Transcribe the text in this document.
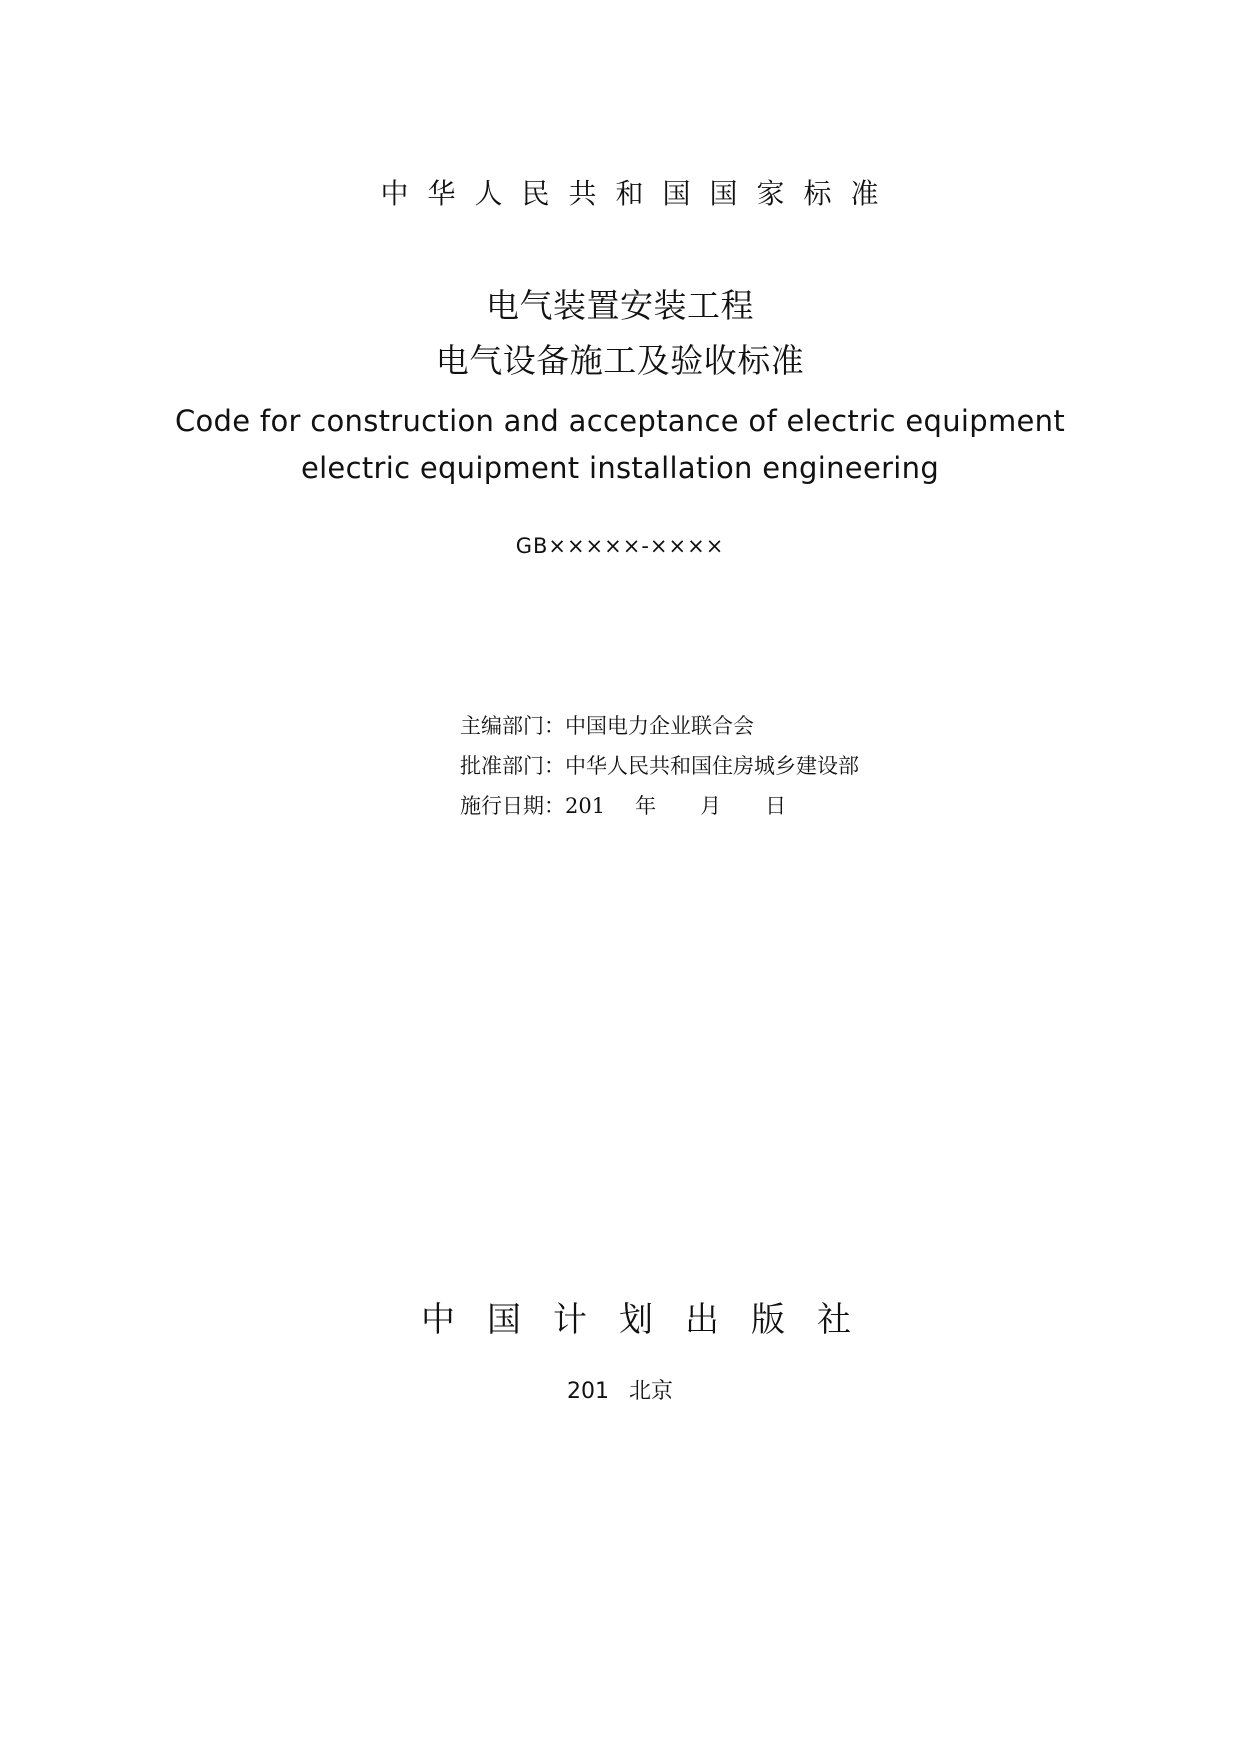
中华人民共和国国家标准
电气装置安装工程
电气设备施工及验收标准
Code for construction and acceptance of electric equipment
electric equipment installation engineering
GB×××××-××××
主编部门：中国电力企业联合会
批准部门：中华人民共和国住房城乡建设部
施行日期：201 年 月 日
中国计划出版社
201 北京
